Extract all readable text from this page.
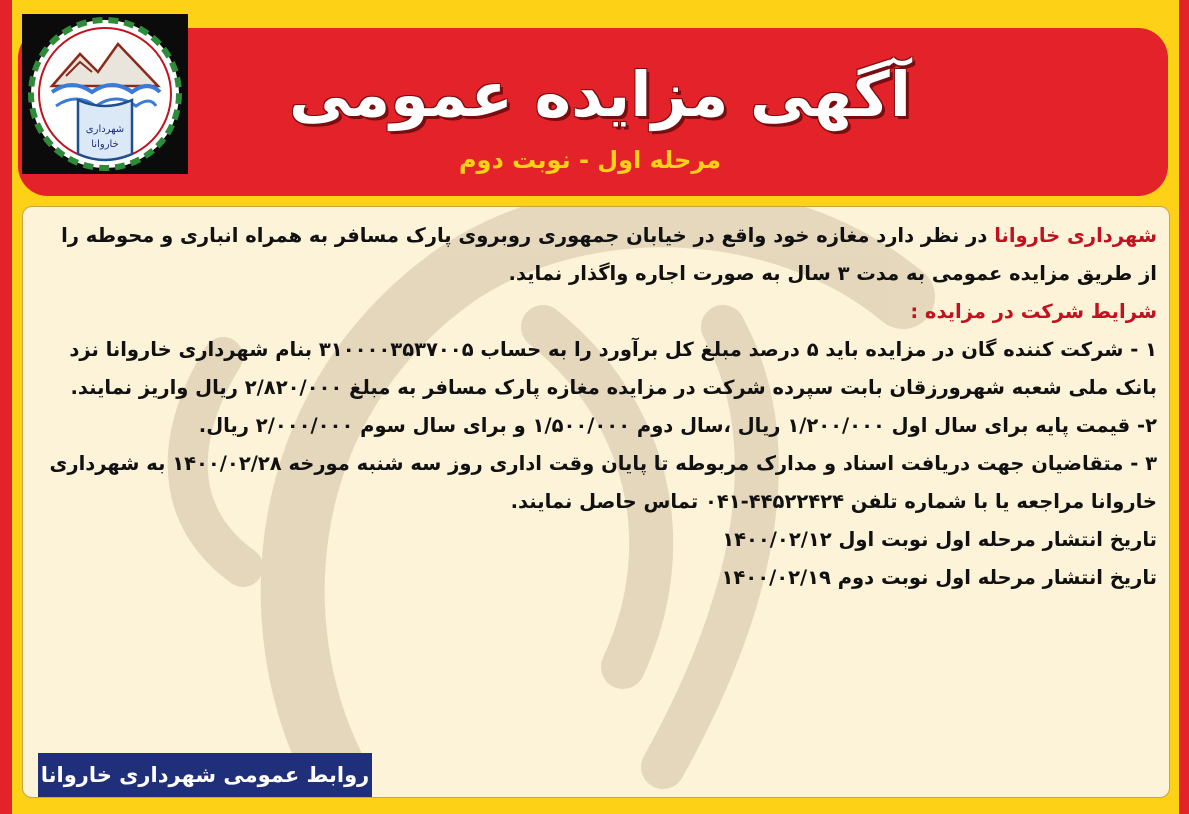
شهرداری
خاروانا
آگهی مزایده عمومی
مرحله اول - نوبت دوم

شهرداری خاروانا در نظر دارد مغازه خود واقع در خیابان جمهوری روبروی پارک مسافر به همراه انباری و محوطه را از طریق مزایده عمومی به مدت ۳ سال به صورت اجاره واگذار نماید.

شرایط شرکت در مزایده :

۱ - شرکت کننده گان در مزایده باید ۵ درصد مبلغ کل برآورد را به حساب ۳۱۰۰۰۰۳۵۳۷۰۰۵ بنام شهرداری خاروانا نزد بانک ملی شعبه شهرورزقان بابت سپرده شرکت در مزایده مغازه پارک مسافر به مبلغ ۲/۸۲۰/۰۰۰ ریال واریز نمایند.

۲- قیمت پایه برای سال اول ۱/۲۰۰/۰۰۰ ریال ،سال دوم ۱/۵۰۰/۰۰۰ و برای سال سوم ۲/۰۰۰/۰۰۰ ریال.

۳ - متقاضیان جهت دریافت اسناد و مدارک مربوطه تا پایان وقت اداری روز سه شنبه مورخه ۱۴۰۰/۰۲/۲۸ به شهرداری خاروانا مراجعه یا با شماره تلفن ۴۴۵۲۲۴۲۴-۰۴۱ تماس حاصل نمایند.

تاریخ انتشار مرحله اول نوبت اول ۱۴۰۰/۰۲/۱۲

تاریخ انتشار مرحله اول نوبت دوم ۱۴۰۰/۰۲/۱۹

روابط عمومی شهرداری خاروانا
